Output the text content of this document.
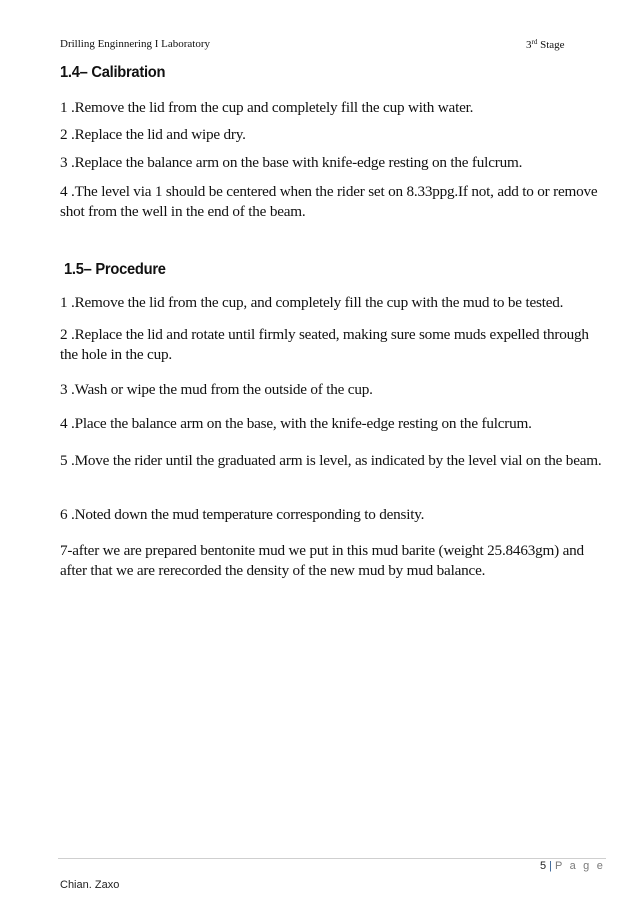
Drilling Enginnering I Laboratory	3rd Stage
1.4– Calibration
1 .Remove the lid from the cup and completely fill the cup with water.
2 .Replace the lid and wipe dry.
3 .Replace the balance arm on the base with knife-edge resting on the fulcrum.
4 .The level via 1 should be centered when the rider set on 8.33ppg.If not, add to or remove shot from the well in the end of the beam.
1.5– Procedure
1 .Remove the lid from the cup, and completely fill the cup with the mud to be tested.
2 .Replace the lid and rotate until firmly seated, making sure some muds expelled through the hole in the cup.
3 .Wash or wipe the mud from the outside of the cup.
4 .Place the balance arm on the base, with the knife-edge resting on the fulcrum.
5 .Move the rider until the graduated arm is level, as indicated by the level vial on the beam.
6 .Noted down the mud temperature corresponding to density.
7-after we are prepared bentonite mud we put in this mud barite (weight 25.8463gm) and after that we are rerecorded the density of the new mud by mud balance.
5 | P a g e
Chian. Zaxo
